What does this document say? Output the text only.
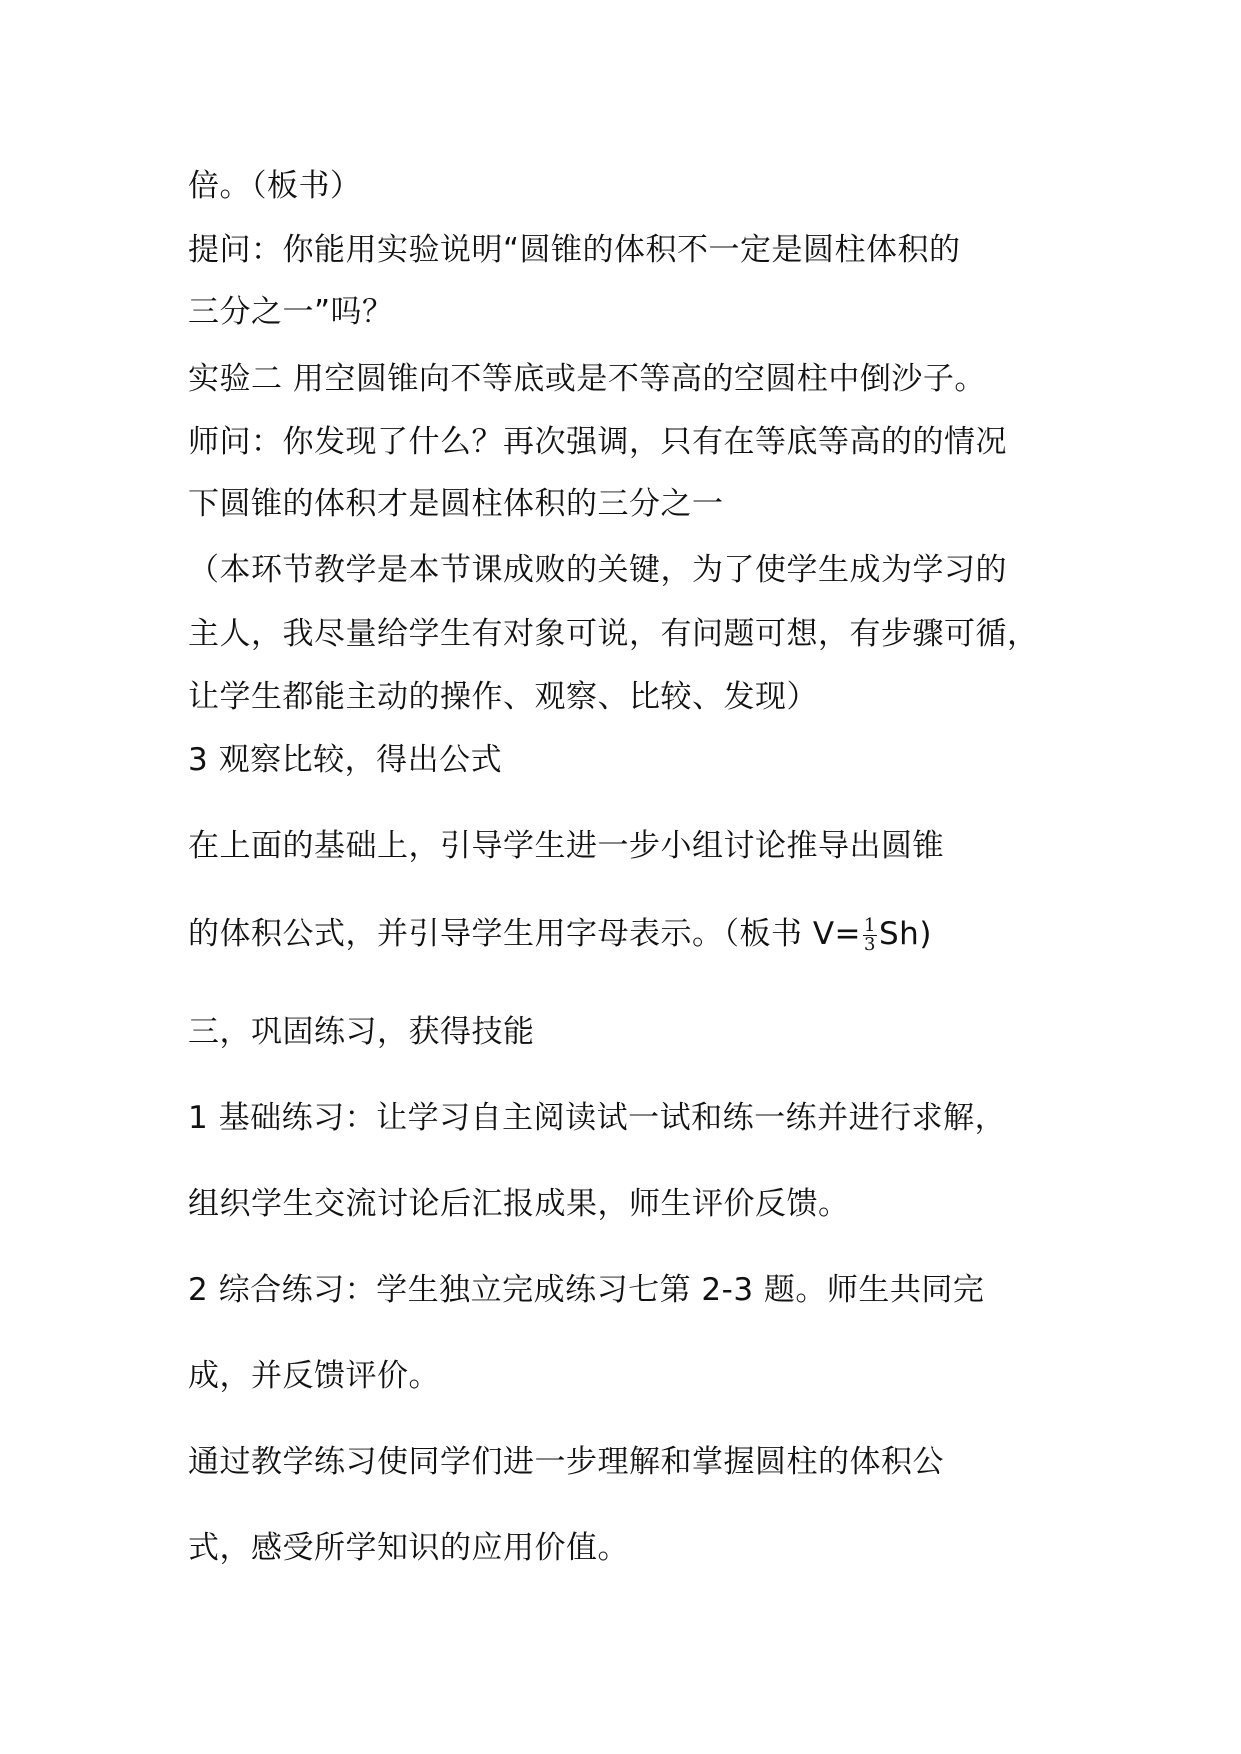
倍。（板书）
提问：你能用实验说明“圆锥的体积不一定是圆柱体积的
三分之一”吗？
实验二 用空圆锥向不等底或是不等高的空圆柱中倒沙子。
师问：你发现了什么？再次强调，只有在等底等高的的情况
下圆锥的体积才是圆柱体积的三分之一
（本环节教学是本节课成败的关键，为了使学生成为学习的
主人，我尽量给学生有对象可说，有问题可想，有步骤可循，
让学生都能主动的操作、观察、比较、发现）
3 观察比较，得出公式
在上面的基础上，引导学生进一步小组讨论推导出圆锥
的体积公式，并引导学生用字母表示。（板书 $V= \frac{1}{3} Sh$)
三，巩固练习，获得技能
1 基础练习：让学习自主阅读试一试和练一练并进行求解，
组织学生交流讨论后汇报成果，师生评价反馈。
2 综合练习：学生独立完成练习七第 2-3 题。师生共同完
成，并反馈评价。
通过教学练习使同学们进一步理解和掌握圆柱的体积公
式，感受所学知识的应用价值。
